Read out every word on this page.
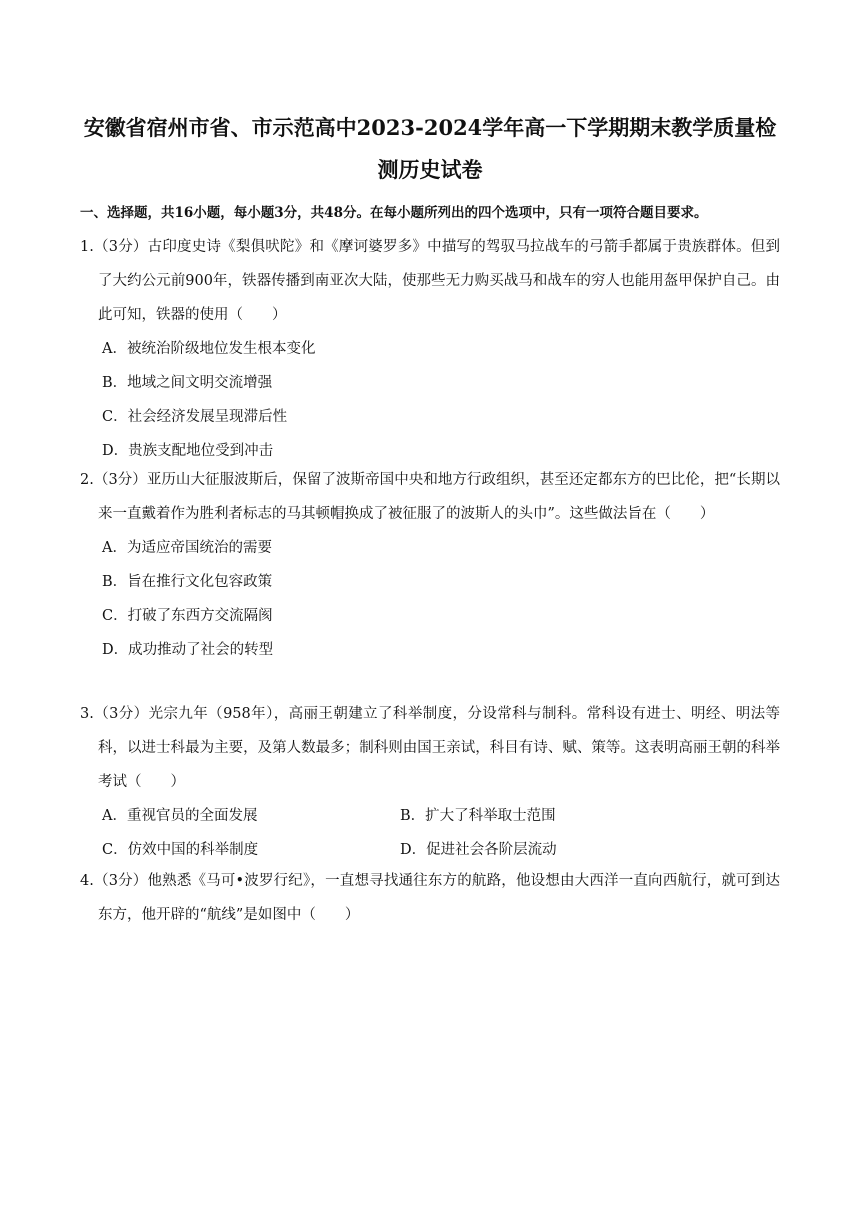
安徽省宿州市省、市示范高中2023-2024学年高一下学期期末教学质量检
测历史试卷
一、选择题，共16小题，每小题3分，共48分。在每小题所列出的四个选项中，只有一项符合题目要求。
1.（3分）古印度史诗《梨俱吠陀》和《摩诃婆罗多》中描写的驾驭马拉战车的弓箭手都属于贵族群体。但到了大约公元前900年，铁器传播到南亚次大陆，使那些无力购买战马和战车的穷人也能用盔甲保护自己。由此可知，铁器的使用（　　）
A．被统治阶级地位发生根本变化
B．地域之间文明交流增强
C．社会经济发展呈现滞后性
D．贵族支配地位受到冲击
2.（3分）亚历山大征服波斯后，保留了波斯帝国中央和地方行政组织，甚至还定都东方的巴比伦，把“长期以来一直戴着作为胜利者标志的马其顿帽换成了被征服了的波斯人的头巾”。这些做法旨在（　　）
A．为适应帝国统治的需要
B．旨在推行文化包容政策
C．打破了东西方交流隔阂
D．成功推动了社会的转型
3.（3分）光宗九年（958年），高丽王朝建立了科举制度，分设常科与制科。常科设有进士、明经、明法等科，以进士科最为主要，及第人数最多；制科则由国王亲试，科目有诗、赋、策等。这表明高丽王朝的科举考试（　　）
A．重视官员的全面发展	B．扩大了科举取士范围
C．仿效中国的科举制度	D．促进社会各阶层流动
4.（3分）他熟悉《马可•波罗行纪》，一直想寻找通往东方的航路，他设想由大西洋一直向西航行，就可到达东方，他开辟的“航线”是如图中（　　）
